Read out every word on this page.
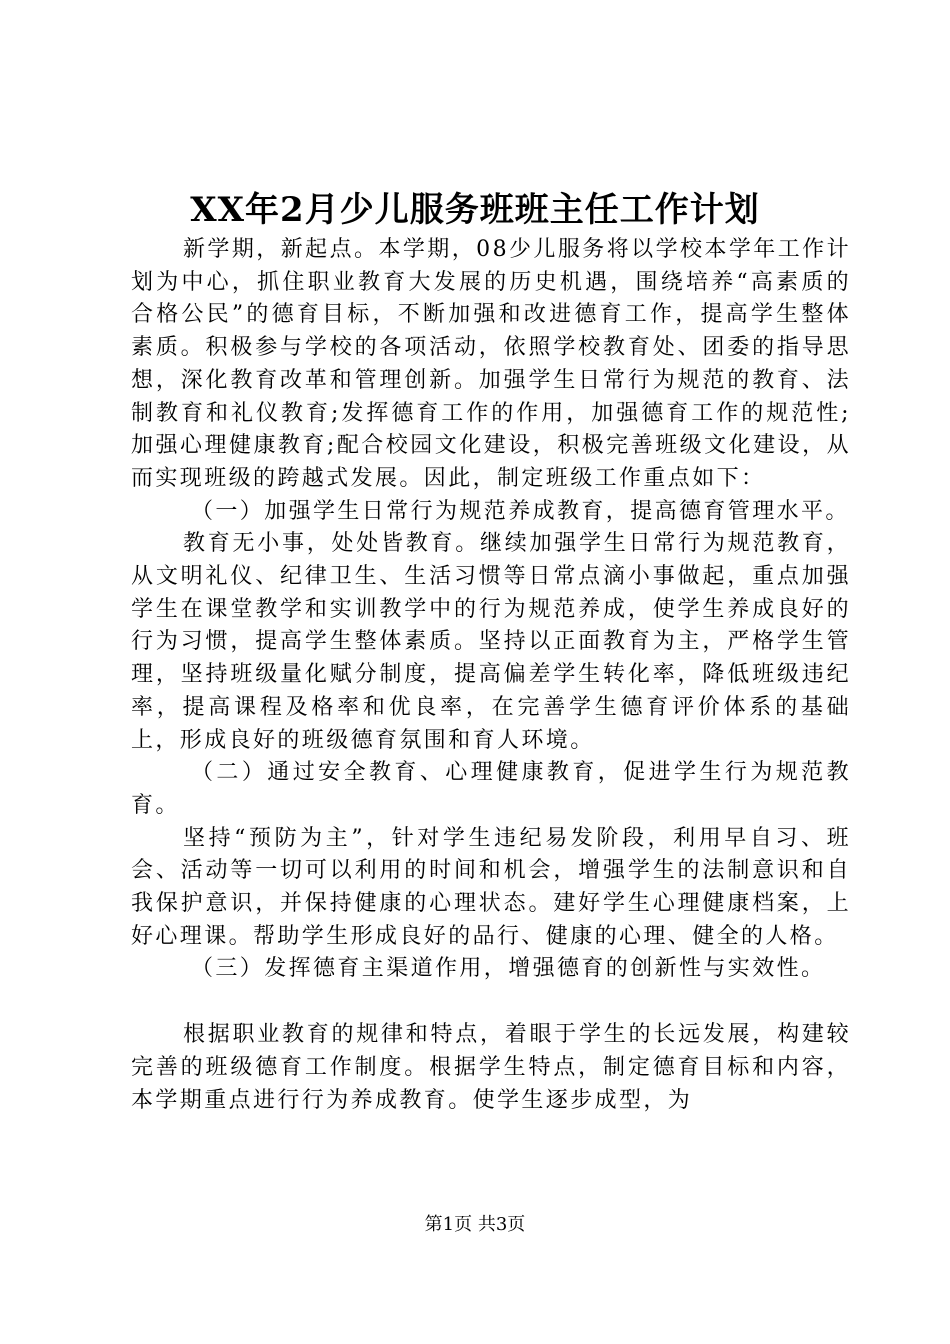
XX年2月少儿服务班班主任工作计划

新学期，新起点。本学期，08少儿服务将以学校本学年工作计划为中心，抓住职业教育大发展的历史机遇，围绕培养“高素质的合格公民”的德育目标，不断加强和改进德育工作，提高学生整体素质。积极参与学校的各项活动，依照学校教育处、团委的指导思想，深化教育改革和管理创新。加强学生日常行为规范的教育、法制教育和礼仪教育;发挥德育工作的作用，加强德育工作的规范性;加强心理健康教育;配合校园文化建设，积极完善班级文化建设，从而实现班级的跨越式发展。因此，制定班级工作重点如下：

（一）加强学生日常行为规范养成教育，提高德育管理水平。

教育无小事，处处皆教育。继续加强学生日常行为规范教育，从文明礼仪、纪律卫生、生活习惯等日常点滴小事做起，重点加强学生在课堂教学和实训教学中的行为规范养成，使学生养成良好的行为习惯，提高学生整体素质。坚持以正面教育为主，严格学生管理，坚持班级量化赋分制度，提高偏差学生转化率，降低班级违纪率，提高课程及格率和优良率，在完善学生德育评价体系的基础上，形成良好的班级德育氛围和育人环境。

（二）通过安全教育、心理健康教育，促进学生行为规范教育。

坚持“预防为主”，针对学生违纪易发阶段，利用早自习、班会、活动等一切可以利用的时间和机会，增强学生的法制意识和自我保护意识，并保持健康的心理状态。建好学生心理健康档案，上好心理课。帮助学生形成良好的品行、健康的心理、健全的人格。

（三）发挥德育主渠道作用，增强德育的创新性与实效性。

根据职业教育的规律和特点，着眼于学生的长远发展，构建较完善的班级德育工作制度。根据学生特点，制定德育目标和内容，本学期重点进行行为养成教育。使学生逐步成型，为

第1页 共3页
